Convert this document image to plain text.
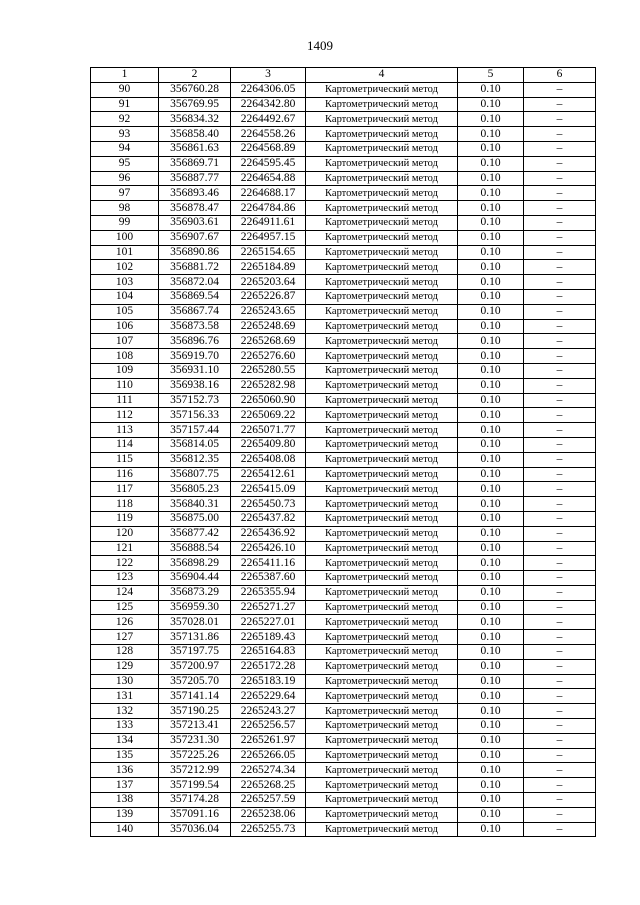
1409
1	2	3	4	5	6
90	356760.28	2264306.05	Картометрический метод	0.10	–
91	356769.95	2264342.80	Картометрический метод	0.10	–
92	356834.32	2264492.67	Картометрический метод	0.10	–
93	356858.40	2264558.26	Картометрический метод	0.10	–
94	356861.63	2264568.89	Картометрический метод	0.10	–
95	356869.71	2264595.45	Картометрический метод	0.10	–
96	356887.77	2264654.88	Картометрический метод	0.10	–
97	356893.46	2264688.17	Картометрический метод	0.10	–
98	356878.47	2264784.86	Картометрический метод	0.10	–
99	356903.61	2264911.61	Картометрический метод	0.10	–
100	356907.67	2264957.15	Картометрический метод	0.10	–
101	356890.86	2265154.65	Картометрический метод	0.10	–
102	356881.72	2265184.89	Картометрический метод	0.10	–
103	356872.04	2265203.64	Картометрический метод	0.10	–
104	356869.54	2265226.87	Картометрический метод	0.10	–
105	356867.74	2265243.65	Картометрический метод	0.10	–
106	356873.58	2265248.69	Картометрический метод	0.10	–
107	356896.76	2265268.69	Картометрический метод	0.10	–
108	356919.70	2265276.60	Картометрический метод	0.10	–
109	356931.10	2265280.55	Картометрический метод	0.10	–
110	356938.16	2265282.98	Картометрический метод	0.10	–
111	357152.73	2265060.90	Картометрический метод	0.10	–
112	357156.33	2265069.22	Картометрический метод	0.10	–
113	357157.44	2265071.77	Картометрический метод	0.10	–
114	356814.05	2265409.80	Картометрический метод	0.10	–
115	356812.35	2265408.08	Картометрический метод	0.10	–
116	356807.75	2265412.61	Картометрический метод	0.10	–
117	356805.23	2265415.09	Картометрический метод	0.10	–
118	356840.31	2265450.73	Картометрический метод	0.10	–
119	356875.00	2265437.82	Картометрический метод	0.10	–
120	356877.42	2265436.92	Картометрический метод	0.10	–
121	356888.54	2265426.10	Картометрический метод	0.10	–
122	356898.29	2265411.16	Картометрический метод	0.10	–
123	356904.44	2265387.60	Картометрический метод	0.10	–
124	356873.29	2265355.94	Картометрический метод	0.10	–
125	356959.30	2265271.27	Картометрический метод	0.10	–
126	357028.01	2265227.01	Картометрический метод	0.10	–
127	357131.86	2265189.43	Картометрический метод	0.10	–
128	357197.75	2265164.83	Картометрический метод	0.10	–
129	357200.97	2265172.28	Картометрический метод	0.10	–
130	357205.70	2265183.19	Картометрический метод	0.10	–
131	357141.14	2265229.64	Картометрический метод	0.10	–
132	357190.25	2265243.27	Картометрический метод	0.10	–
133	357213.41	2265256.57	Картометрический метод	0.10	–
134	357231.30	2265261.97	Картометрический метод	0.10	–
135	357225.26	2265266.05	Картометрический метод	0.10	–
136	357212.99	2265274.34	Картометрический метод	0.10	–
137	357199.54	2265268.25	Картометрический метод	0.10	–
138	357174.28	2265257.59	Картометрический метод	0.10	–
139	357091.16	2265238.06	Картометрический метод	0.10	–
140	357036.04	2265255.73	Картометрический метод	0.10	–
